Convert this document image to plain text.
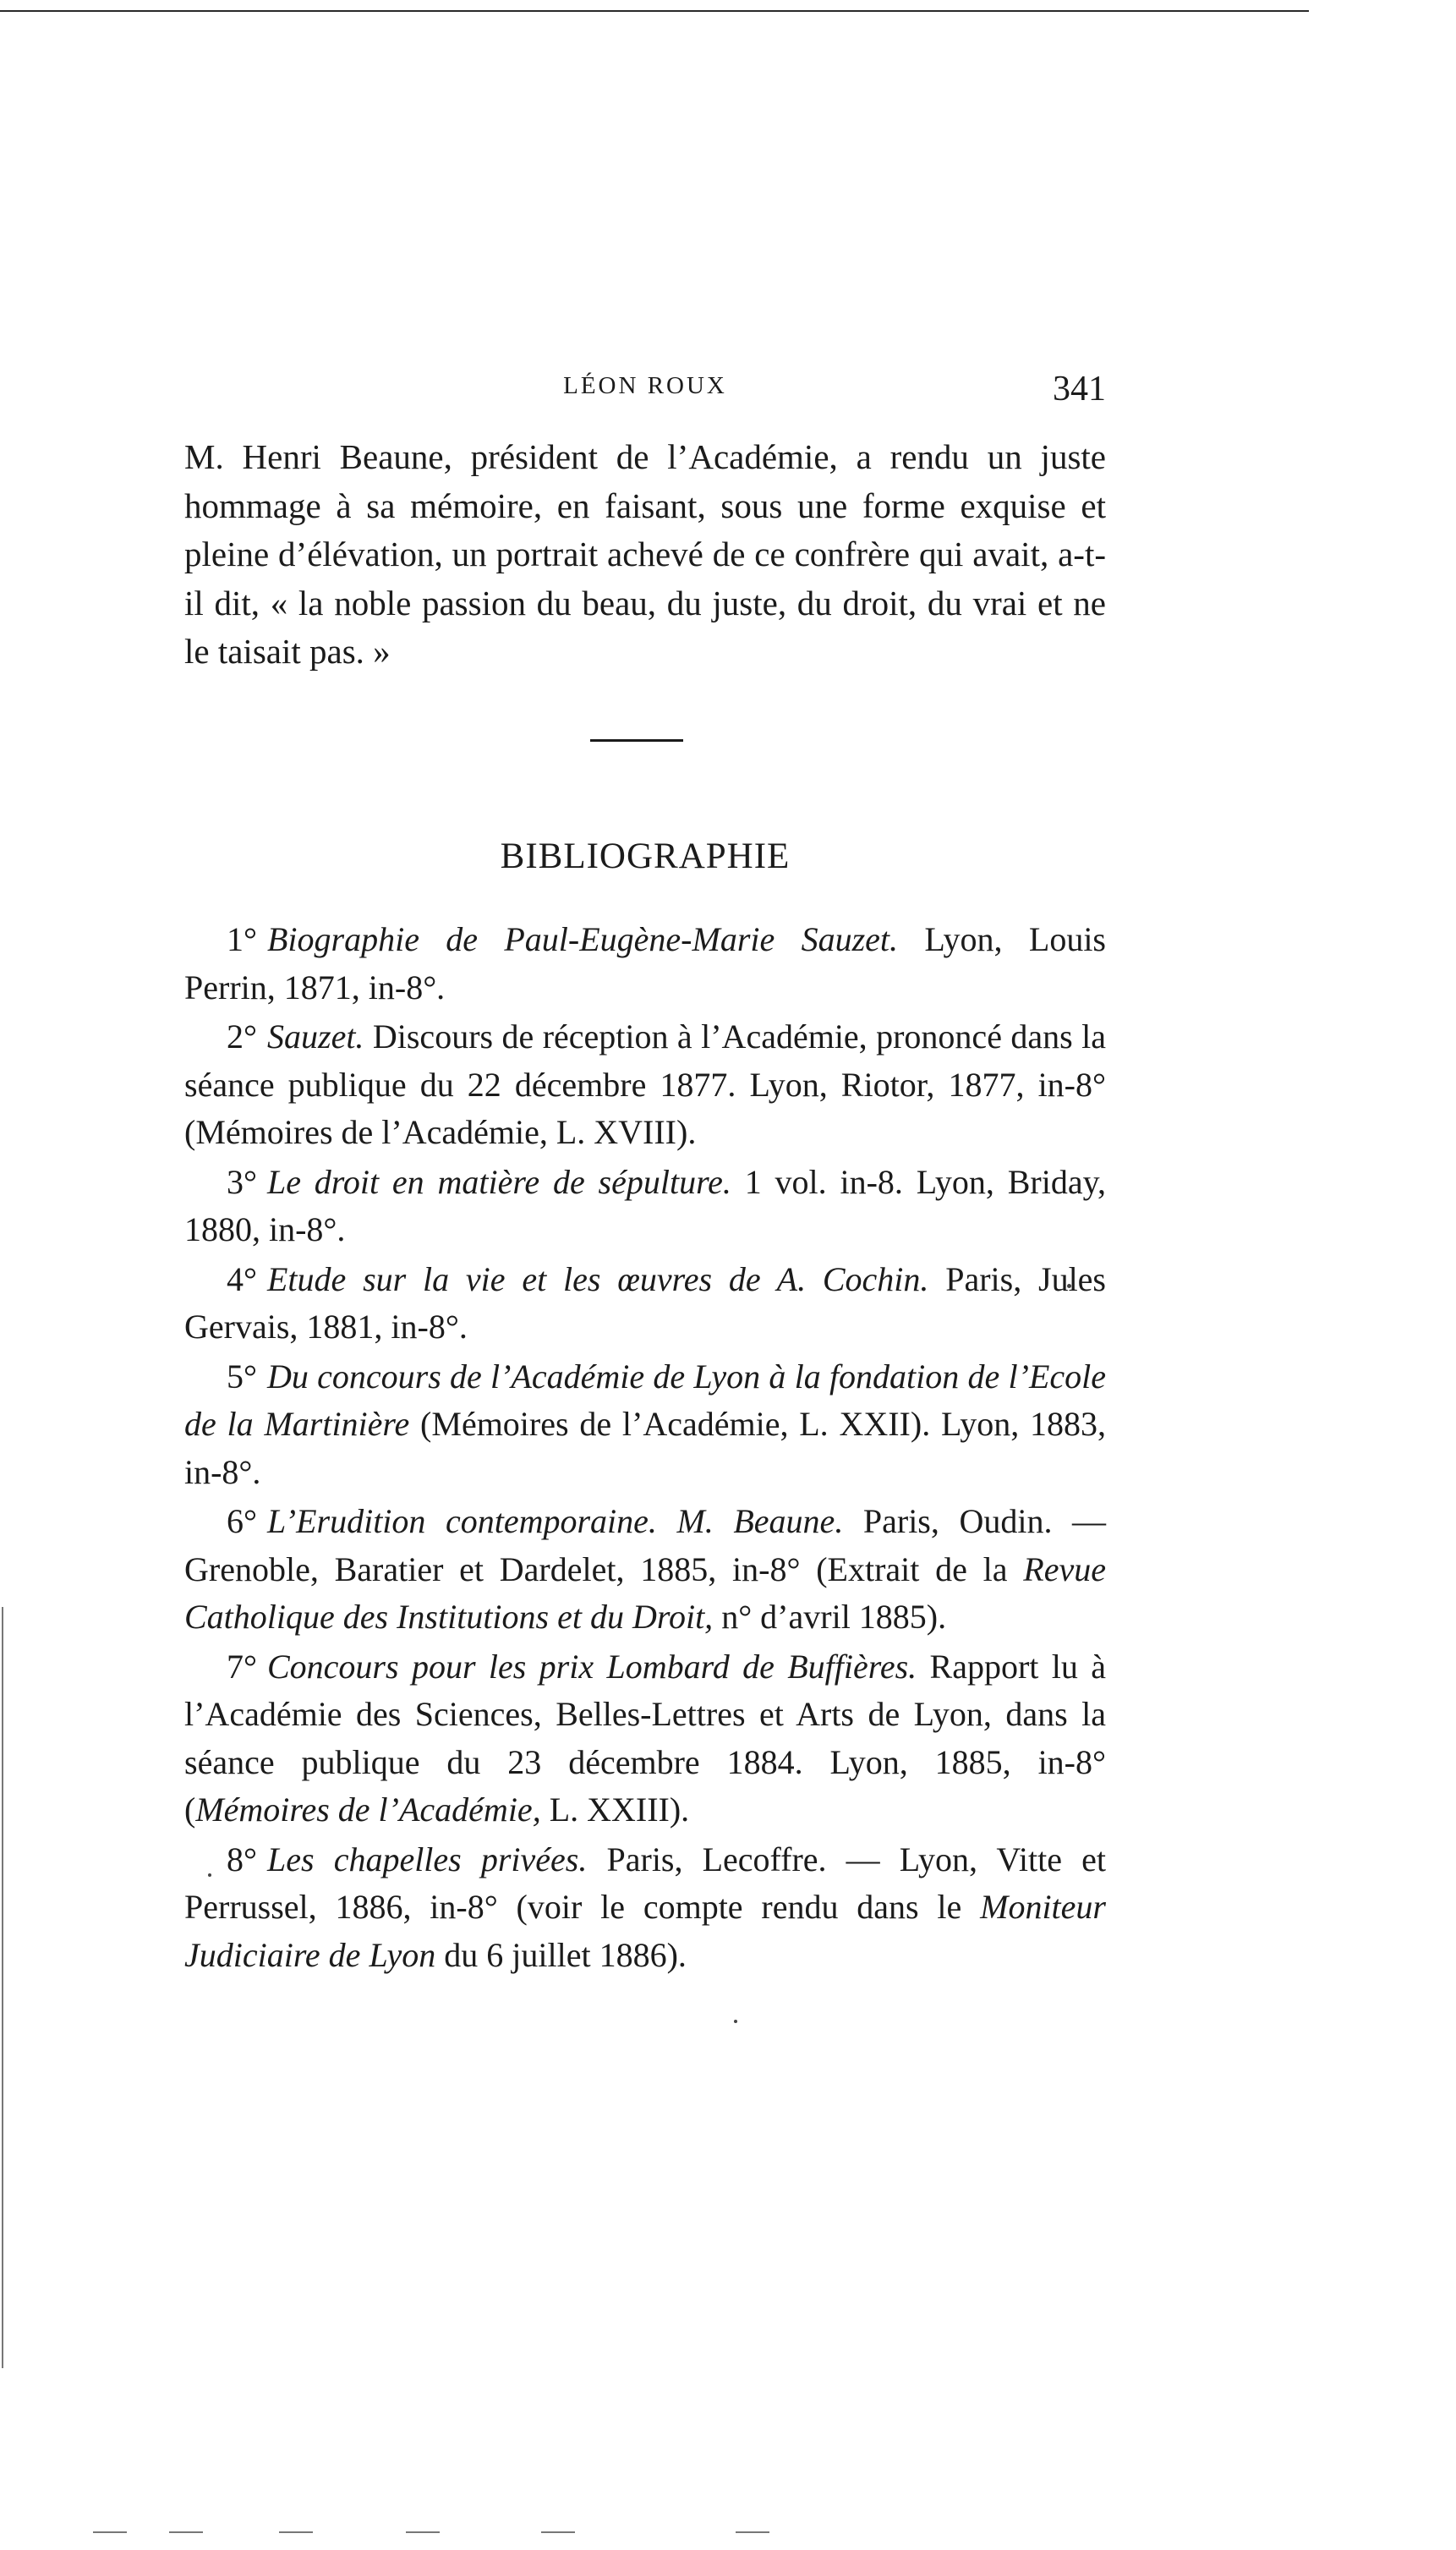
LÉON ROUX	341
M. Henri Beaune, président de l’Académie, a rendu un juste hommage à sa mémoire, en faisant, sous une forme exquise et pleine d’élévation, un portrait achevé de ce confrère qui avait, a-t-il dit, « la noble passion du beau, du juste, du droit, du vrai et ne le taisait pas. »
BIBLIOGRAPHIE

1° Biographie de Paul-Eugène-Marie Sauzet. Lyon, Louis Perrin, 1871, in-8°.

2° Sauzet. Discours de réception à l’Académie, prononcé dans la séance publique du 22 décembre 1877. Lyon, Riotor, 1877, in-8° (Mémoires de l’Académie, L. XVIII).

3° Le droit en matière de sépulture. 1 vol. in-8. Lyon, Briday, 1880, in-8°.

4° Etude sur la vie et les œuvres de A. Cochin. Paris, Jules Gervais, 1881, in-8°.

5° Du concours de l’Académie de Lyon à la fondation de l’Ecole de la Martinière (Mémoires de l’Académie, L. XXII). Lyon, 1883, in-8°.

6° L’Erudition contemporaine. M. Beaune. Paris, Oudin. — Grenoble, Baratier et Dardelet, 1885, in-8° (Extrait de la Revue Catholique des Institutions et du Droit, n° d’avril 1885).

7° Concours pour les prix Lombard de Buffières. Rapport lu à l’Académie des Sciences, Belles-Lettres et Arts de Lyon, dans la séance publique du 23 décembre 1884. Lyon, 1885, in-8° (Mémoires de l’Académie, L. XXIII).

8° Les chapelles privées. Paris, Lecoffre. — Lyon, Vitte et Perrussel, 1886, in-8° (voir le compte rendu dans le Moniteur Judiciaire de Lyon du 6 juillet 1886).
